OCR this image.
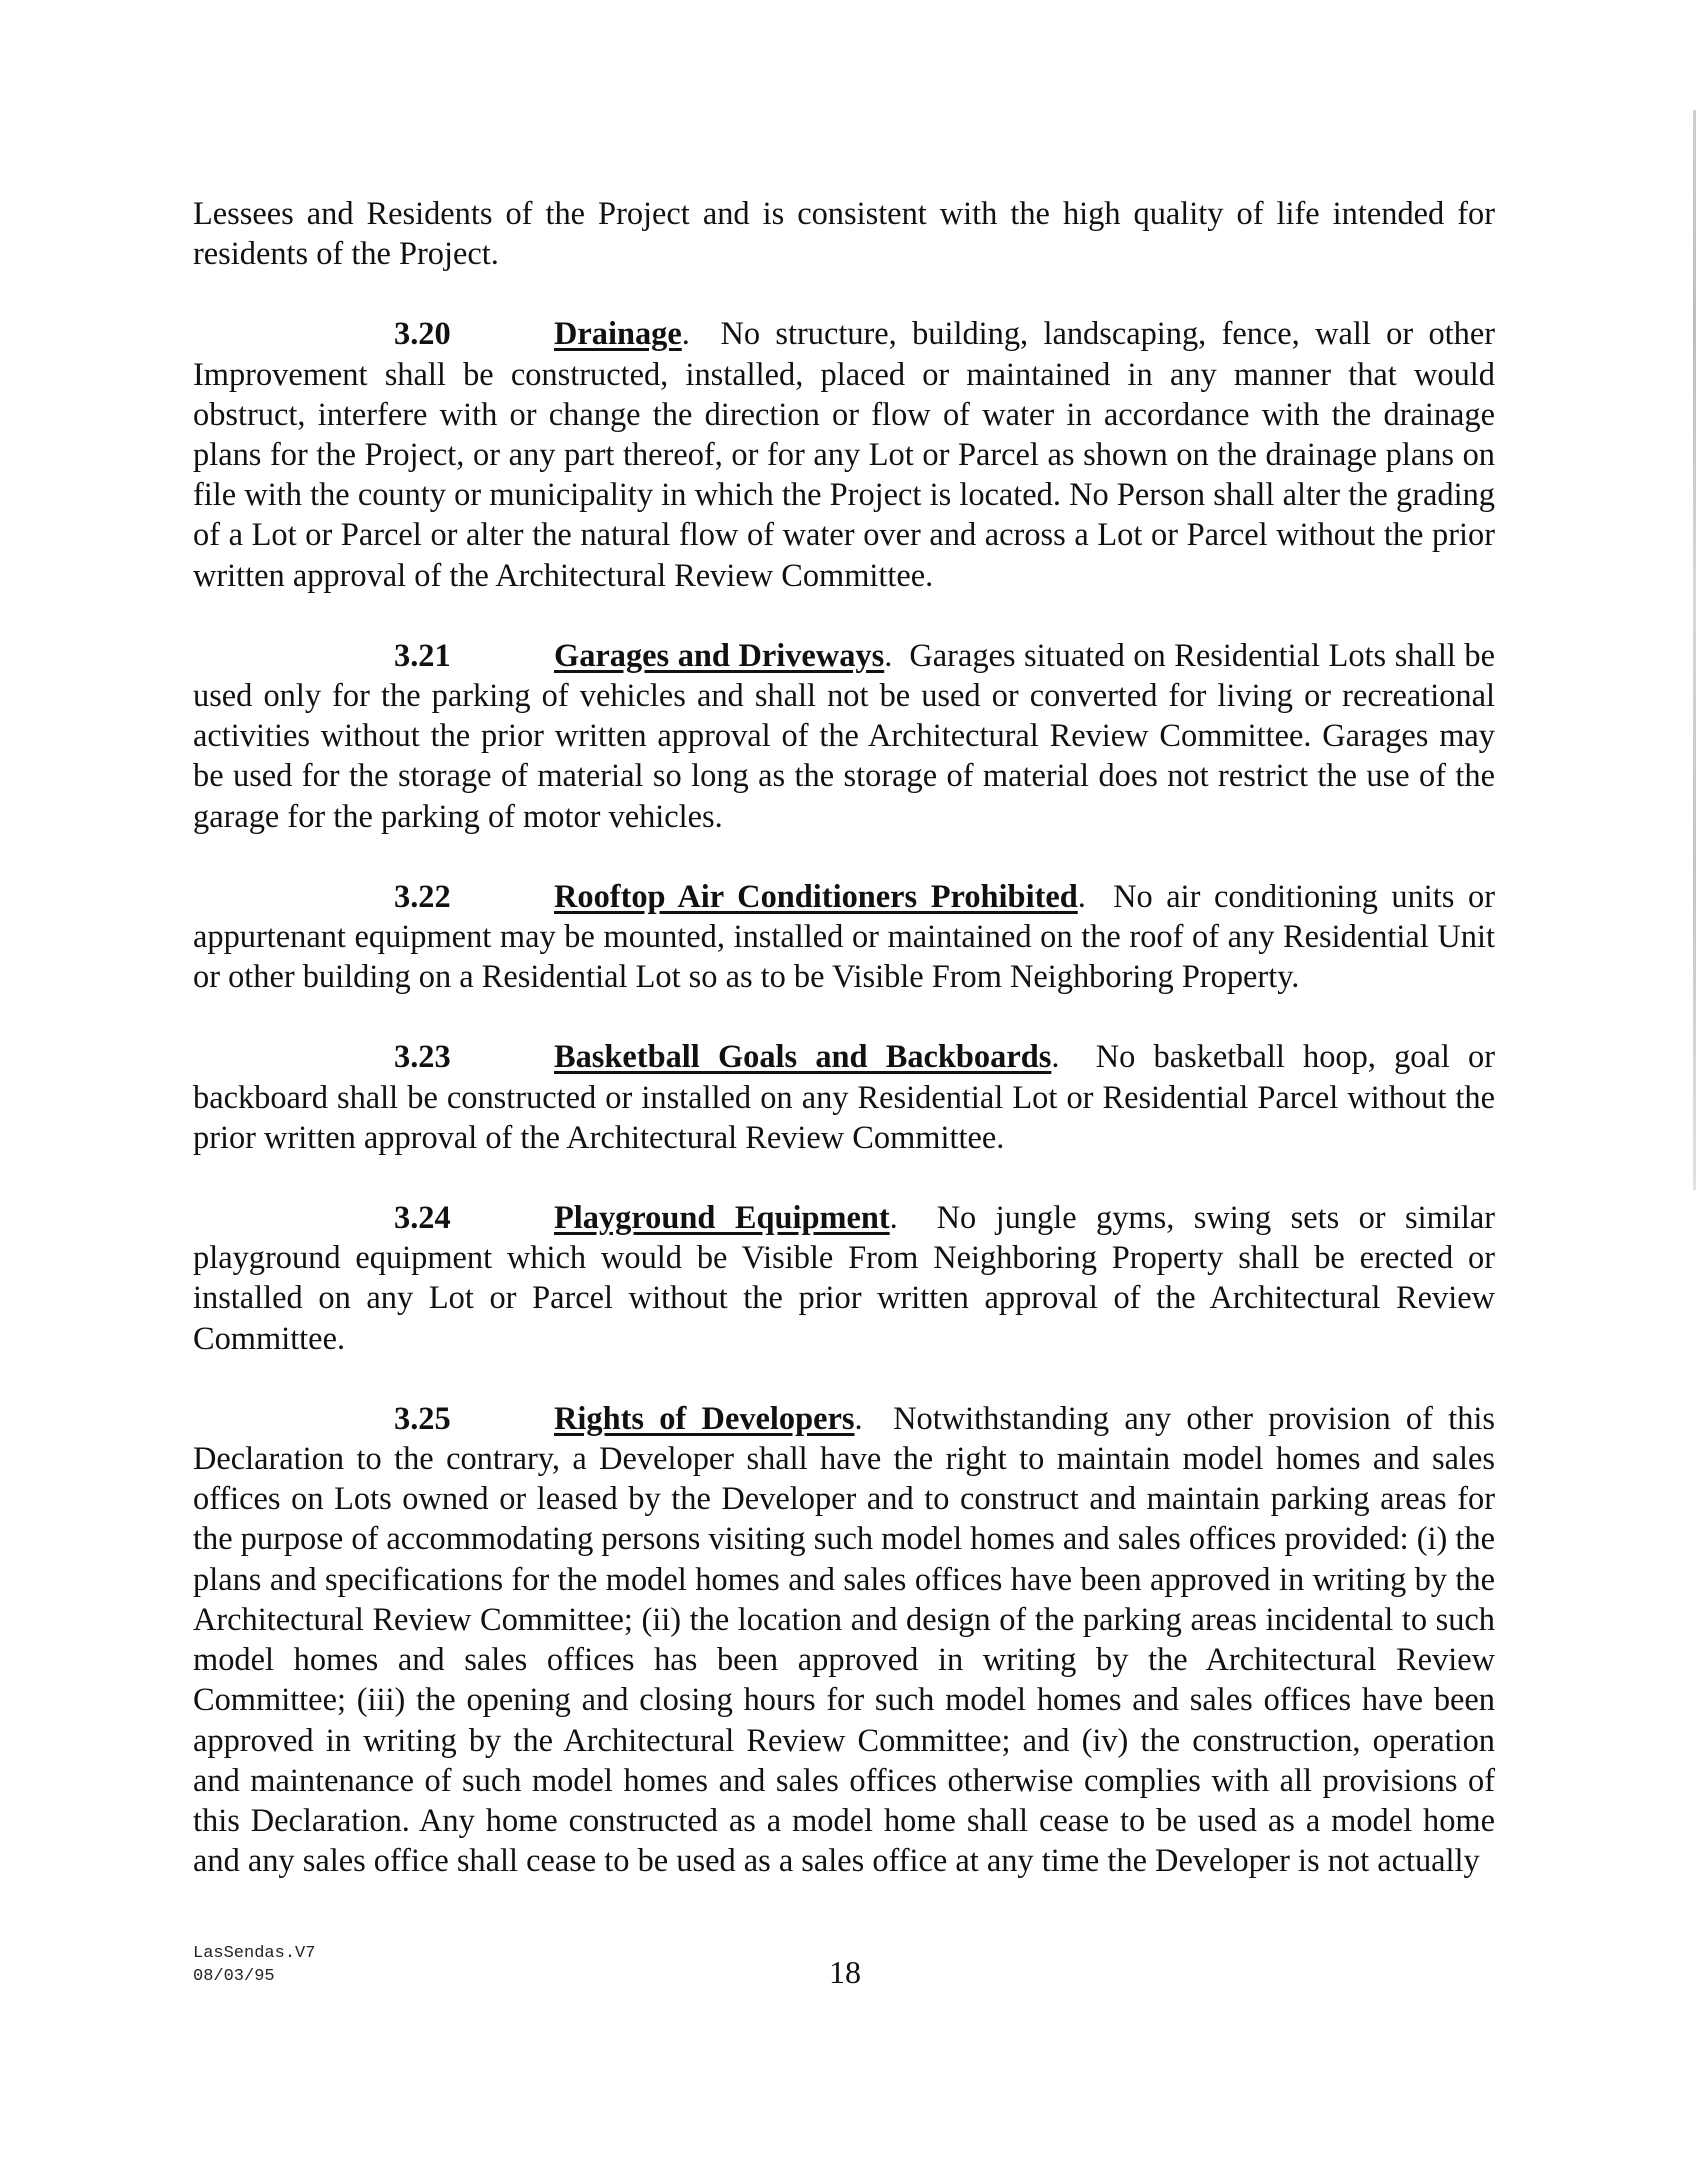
Lessees and Residents of the Project and is consistent with the high quality of life intended for residents of the Project.

3.20	Drainage.  No structure, building, landscaping, fence, wall or other Improvement shall be constructed, installed, placed or maintained in any manner that would obstruct, interfere with or change the direction or flow of water in accordance with the drainage plans for the Project, or any part thereof, or for any Lot or Parcel as shown on the drainage plans on file with the county or municipality in which the Project is located. No Person shall alter the grading of a Lot or Parcel or alter the natural flow of water over and across a Lot or Parcel without the prior written approval of the Architectural Review Committee.

3.21	Garages and Driveways.  Garages situated on Residential Lots shall be used only for the parking of vehicles and shall not be used or converted for living or recreational activities without the prior written approval of the Architectural Review Committee. Garages may be used for the storage of material so long as the storage of material does not restrict the use of the garage for the parking of motor vehicles.

3.22	Rooftop Air Conditioners Prohibited.  No air conditioning units or appurtenant equipment may be mounted, installed or maintained on the roof of any Residential Unit or other building on a Residential Lot so as to be Visible From Neighboring Property.

3.23	Basketball Goals and Backboards.  No basketball hoop, goal or backboard shall be constructed or installed on any Residential Lot or Residential Parcel without the prior written approval of the Architectural Review Committee.

3.24	Playground Equipment.  No jungle gyms, swing sets or similar playground equipment which would be Visible From Neighboring Property shall be erected or installed on any Lot or Parcel without the prior written approval of the Architectural Review Committee.

3.25	Rights of Developers.  Notwithstanding any other provision of this Declaration to the contrary, a Developer shall have the right to maintain model homes and sales offices on Lots owned or leased by the Developer and to construct and maintain parking areas for the purpose of accommodating persons visiting such model homes and sales offices provided: (i) the plans and specifications for the model homes and sales offices have been approved in writing by the Architectural Review Committee; (ii) the location and design of the parking areas incidental to such model homes and sales offices has been approved in writing by the Architectural Review Committee; (iii) the opening and closing hours for such model homes and sales offices have been approved in writing by the Architectural Review Committee; and (iv) the construction, operation and maintenance of such model homes and sales offices otherwise complies with all provisions of this Declaration. Any home constructed as a model home shall cease to be used as a model home and any sales office shall cease to be used as a sales office at any time the Developer is not actually

LasSendas.V7
08/03/95	18
